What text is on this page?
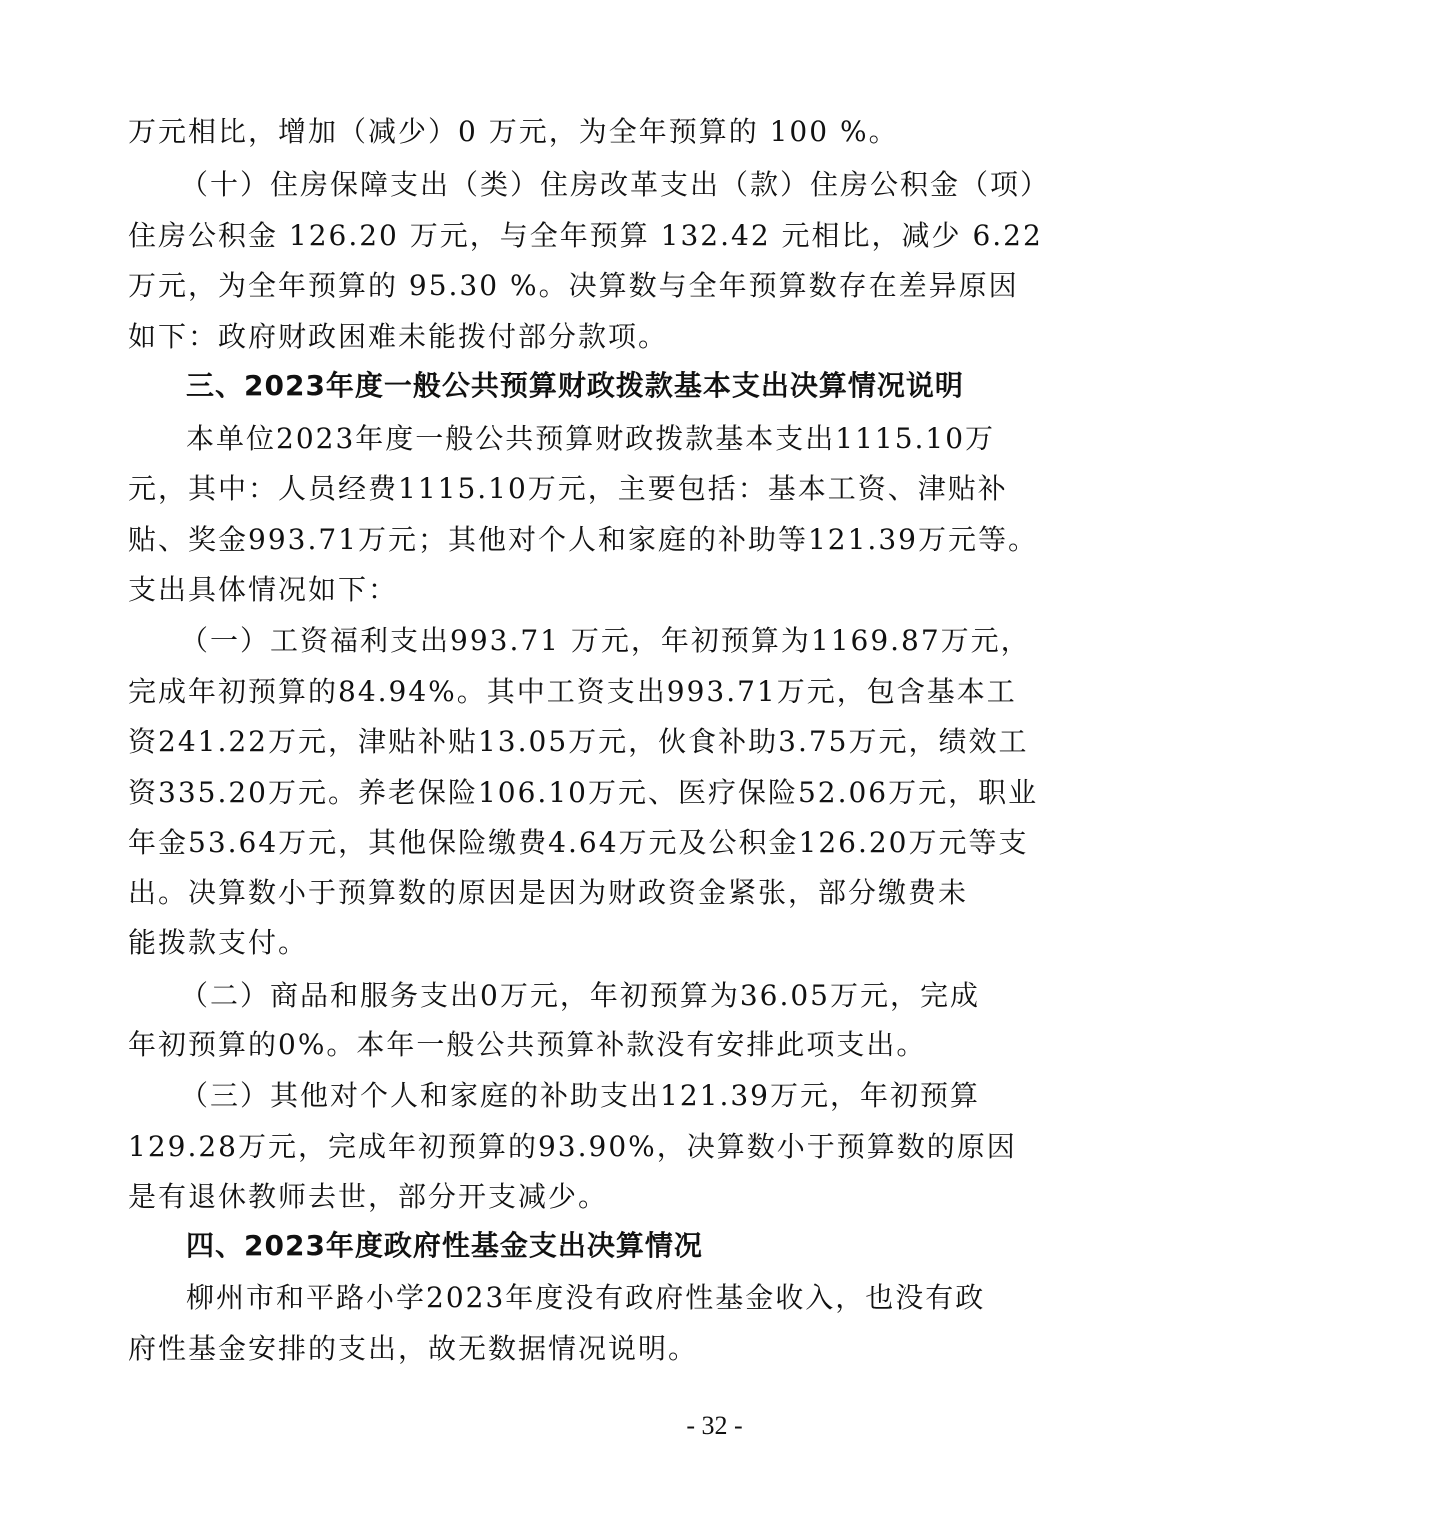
万元相比，增加（减少）0 万元，为全年预算的 100 %。

（十）住房保障支出（类）住房改革支出（款）住房公积金（项）

住房公积金 126.20 万元，与全年预算 132.42 元相比，减少 6.22

万元，为全年预算的 95.30 %。决算数与全年预算数存在差异原因

如下：政府财政困难未能拨付部分款项。

三、2023年度一般公共预算财政拨款基本支出决算情况说明

本单位2023年度一般公共预算财政拨款基本支出1115.10万

元，其中：人员经费1115.10万元，主要包括：基本工资、津贴补

贴、奖金993.71万元；其他对个人和家庭的补助等121.39万元等。

支出具体情况如下：

（一）工资福利支出993.71 万元，年初预算为1169.87万元，

完成年初预算的84.94%。其中工资支出993.71万元，包含基本工

资241.22万元，津贴补贴13.05万元，伙食补助3.75万元，绩效工

资335.20万元。养老保险106.10万元、医疗保险52.06万元，职业

年金53.64万元，其他保险缴费4.64万元及公积金126.20万元等支

出。决算数小于预算数的原因是因为财政资金紧张，部分缴费未

能拨款支付。

（二）商品和服务支出0万元，年初预算为36.05万元，完成

年初预算的0%。本年一般公共预算补款没有安排此项支出。

（三）其他对个人和家庭的补助支出121.39万元，年初预算

129.28万元，完成年初预算的93.90%，决算数小于预算数的原因

是有退休教师去世，部分开支减少。

四、2023年度政府性基金支出决算情况

柳州市和平路小学2023年度没有政府性基金收入，也没有政

府性基金安排的支出，故无数据情况说明。

- 32 -
